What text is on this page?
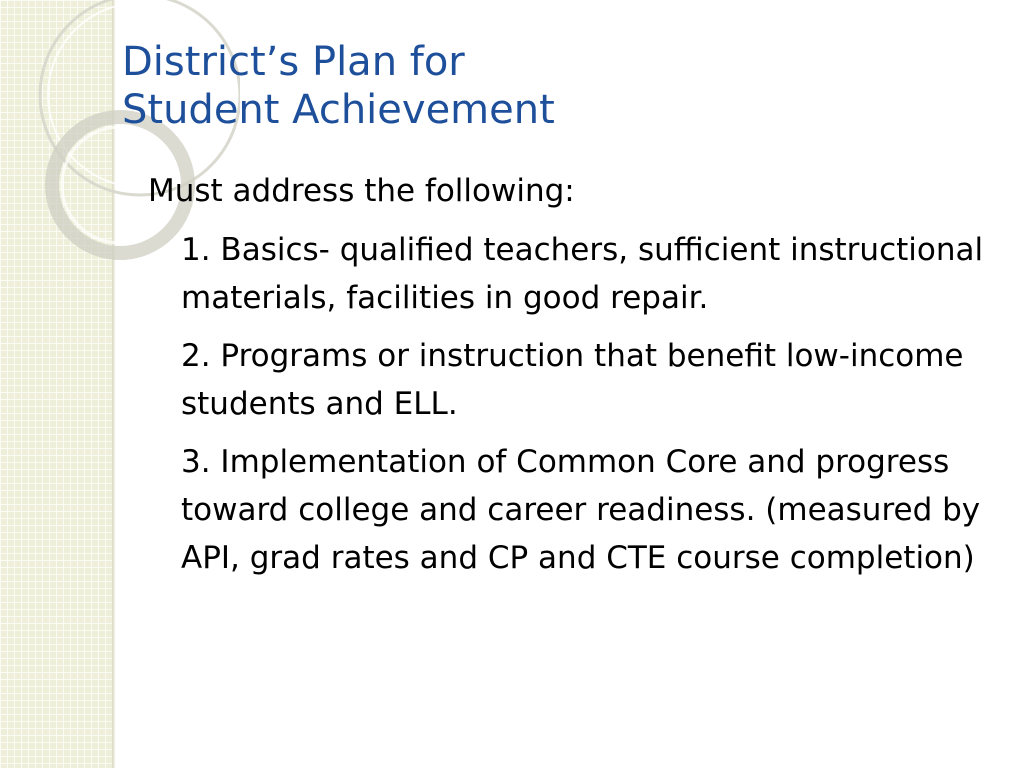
District’s Plan for
Student Achievement

Must address the following:

1. Basics- qualified teachers, sufficient instructional materials, facilities in good repair.

2. Programs or instruction that benefit low-income students and ELL.

3. Implementation of Common Core and progress toward college and career readiness. (measured by API, grad rates and CP and CTE course completion)
